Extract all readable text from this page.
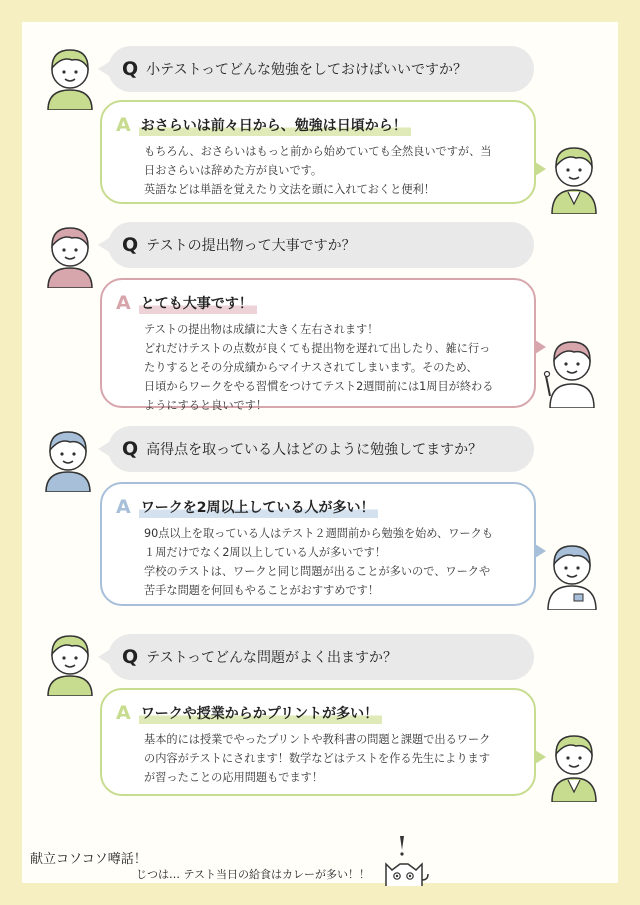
Q 小テストってどんな勉強をしておけばいいですか？
A おさらいは前々日から、勉強は日頃から！
もちろん、おさらいはもっと前から始めていても全然良いですが、当
日おさらいは辞めた方が良いです。
英語などは単語を覚えたり文法を頭に入れておくと便利！
Q テストの提出物って大事ですか？
A とても大事です！
テストの提出物は成績に大きく左右されます！
どれだけテストの点数が良くても提出物を遅れて出したり、雑に行っ
たりするとその分成績からマイナスされてしまいます。そのため、
日頃からワークをやる習慣をつけてテスト2週間前には1周目が終わる
ようにすると良いです！
Q 高得点を取っている人はどのように勉強してますか？
A ワークを2周以上している人が多い！
90点以上を取っている人はテスト２週間前から勉強を始め、ワークも
１周だけでなく2周以上している人が多いです！
学校のテストは、ワークと同じ問題が出ることが多いので、ワークや
苦手な問題を何回もやることがおすすめです！
Q テストってどんな問題がよく出ますか？
A ワークや授業からかプリントが多い！
基本的には授業でやったプリントや教科書の問題と課題で出るワーク
の内容がテストにされます！数学などはテストを作る先生によります
が習ったことの応用問題もでます！
献立コソコソ噂話！
じつは… テスト当日の給食はカレーが多い！！
